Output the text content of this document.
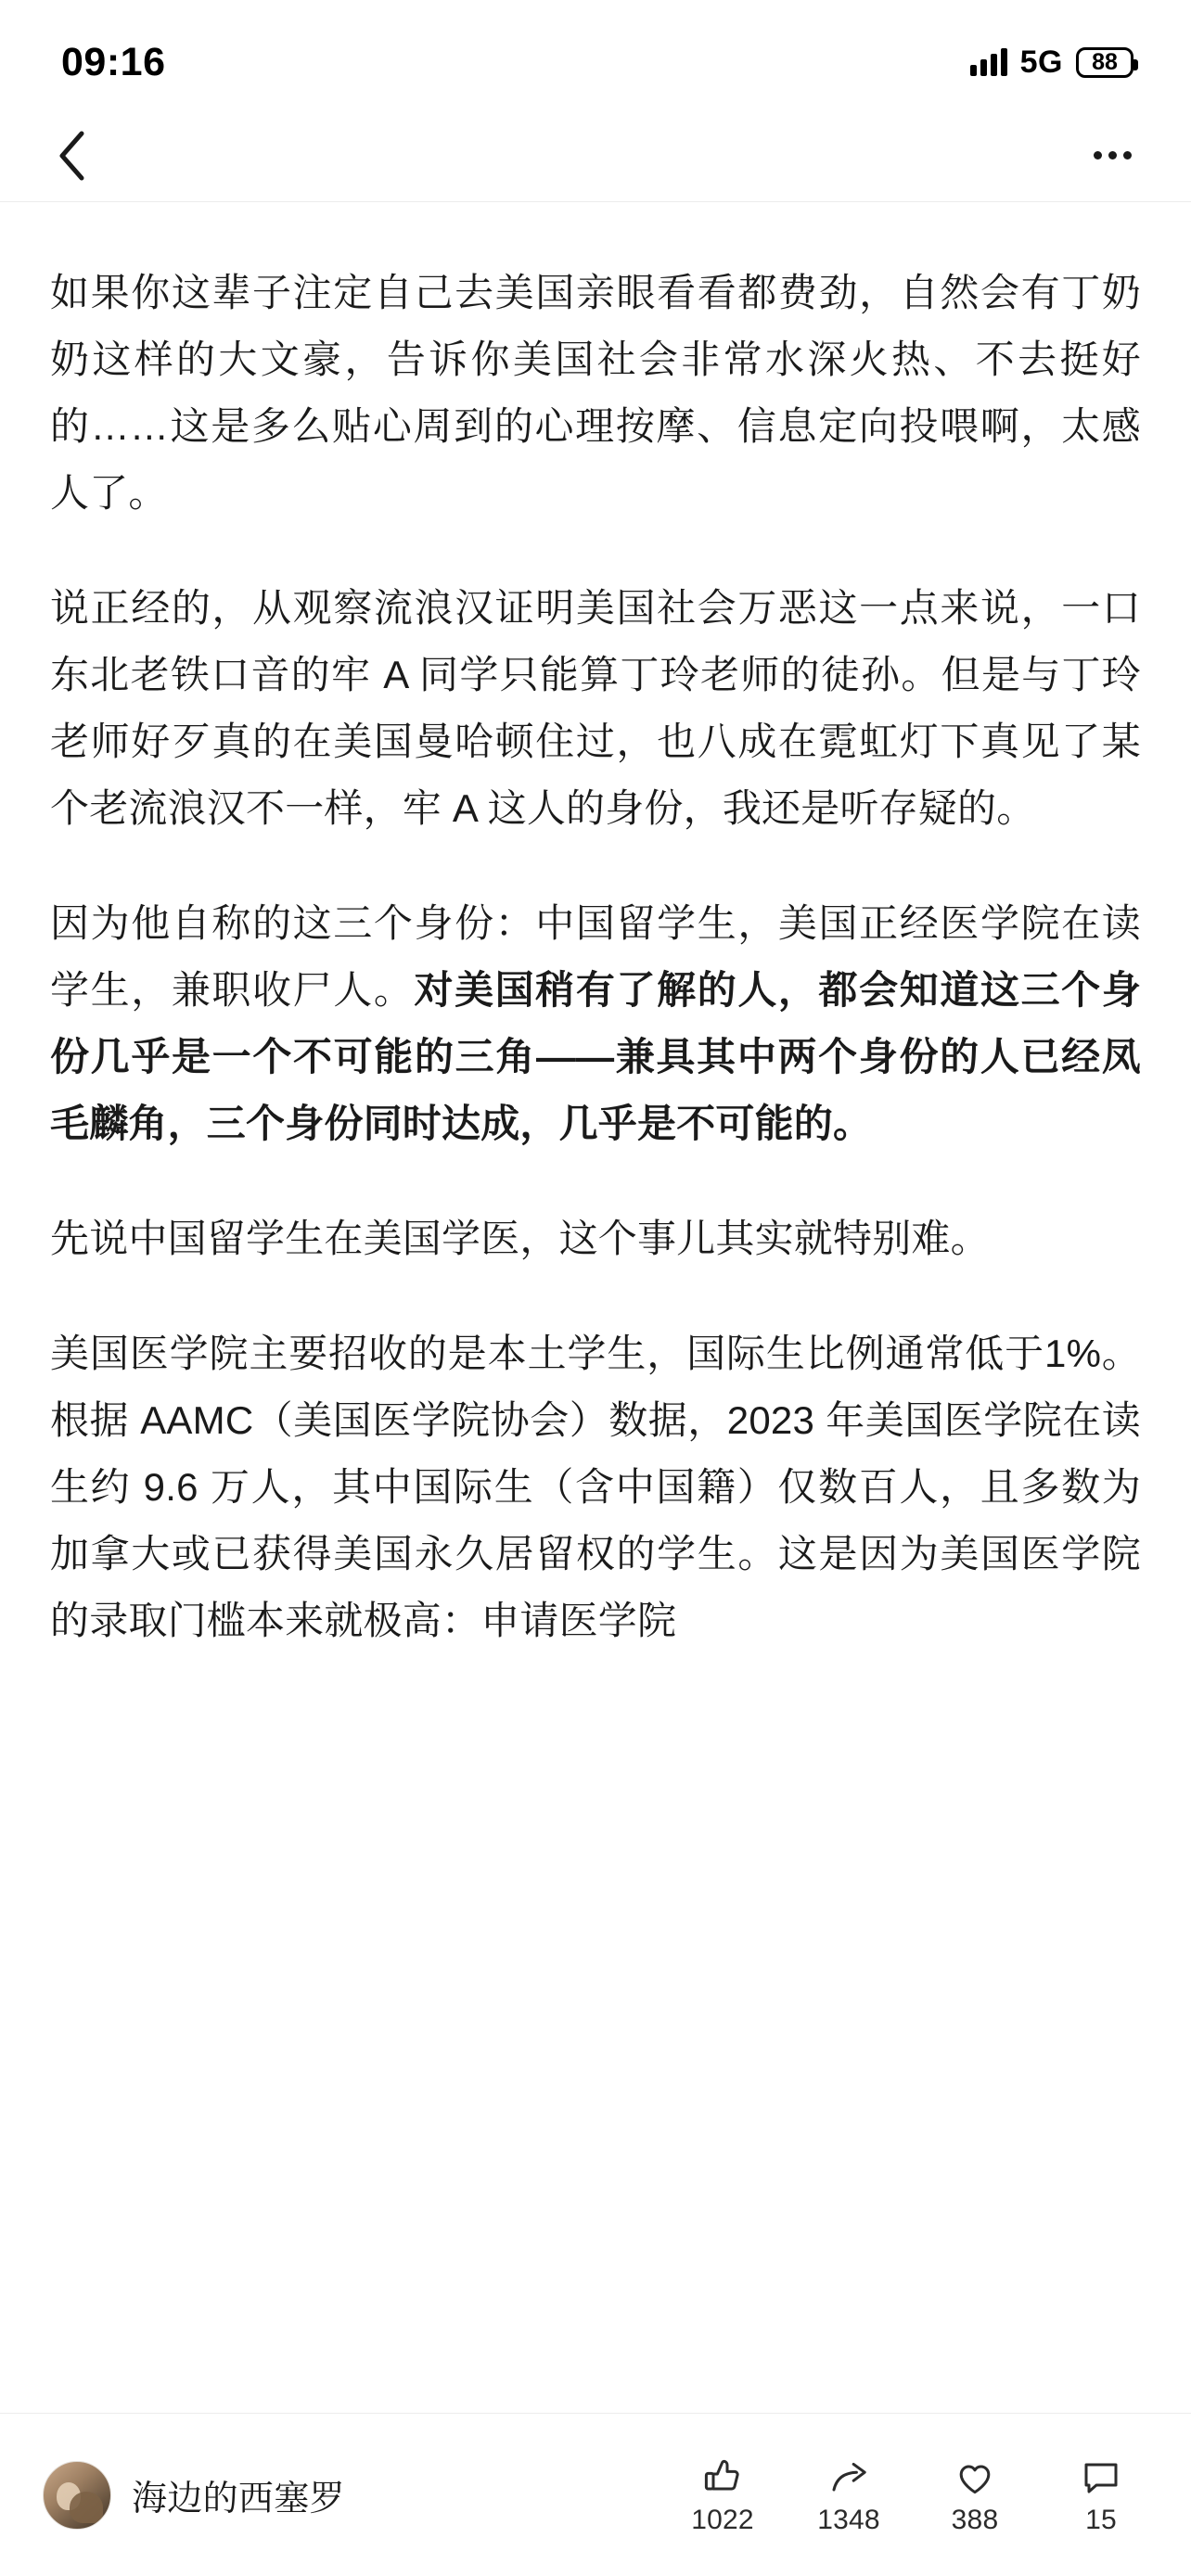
09:16	5G 88

如果你这辈子注定自己去美国亲眼看看都费劲，自然会有丁奶奶这样的大文豪，告诉你美国社会非常水深火热、不去挺好的……这是多么贴心周到的心理按摩、信息定向投喂啊，太感人了。

说正经的，从观察流浪汉证明美国社会万恶这一点来说，一口东北老铁口音的牢 A 同学只能算丁玲老师的徒孙。但是与丁玲老师好歹真的在美国曼哈顿住过，也八成在霓虹灯下真见了某个老流浪汉不一样，牢 A 这人的身份，我还是听存疑的。

因为他自称的这三个身份：中国留学生，美国正经医学院在读学生，兼职收尸人。对美国稍有了解的人，都会知道这三个身份几乎是一个不可能的三角——兼具其中两个身份的人已经凤毛麟角，三个身份同时达成，几乎是不可能的。

先说中国留学生在美国学医，这个事儿其实就特别难。

美国医学院主要招收的是本土学生，国际生比例通常低于1%。根据 AAMC（美国医学院协会）数据，2023 年美国医学院在读生约 9.6 万人，其中国际生（含中国籍）仅数百人，且多数为加拿大或已获得美国永久居留权的学生。这是因为美国医学院的录取门槛本来就极高：申请医学院

海边的西塞罗
1022 1348	388	15
